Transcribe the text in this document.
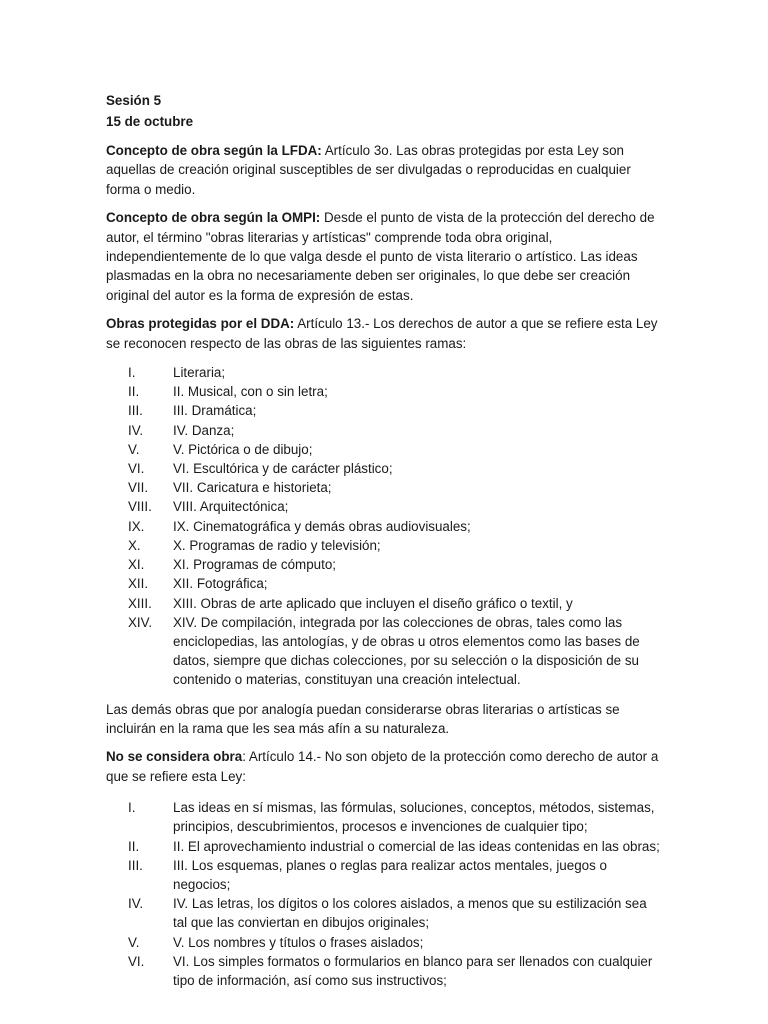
Sesión 5
15 de octubre

Concepto de obra según la LFDA: Artículo 3o. Las obras protegidas por esta Ley son aquellas de creación original susceptibles de ser divulgadas o reproducidas en cualquier forma o medio.

Concepto de obra según la OMPI: Desde el punto de vista de la protección del derecho de autor, el término "obras literarias y artísticas" comprende toda obra original, independientemente de lo que valga desde el punto de vista literario o artístico. Las ideas plasmadas en la obra no necesariamente deben ser originales, lo que debe ser creación original del autor es la forma de expresión de estas.

Obras protegidas por el DDA: Artículo 13.- Los derechos de autor a que se refiere esta Ley se reconocen respecto de las obras de las siguientes ramas:

I.	Literaria;
II.	II. Musical, con o sin letra;
III. III. Dramática;
IV. IV. Danza;
V.	V. Pictórica o de dibujo;
VI. VI. Escultórica y de carácter plástico;
VII. VII. Caricatura e historieta;
VIII. VIII. Arquitectónica;
IX. IX. Cinematográfica y demás obras audiovisuales;
X. X. Programas de radio y televisión;
XI. XI. Programas de cómputo;
XII. XII. Fotográfica;
XIII. XIII. Obras de arte aplicado que incluyen el diseño gráfico o textil, y
XIV. XIV. De compilación, integrada por las colecciones de obras, tales como las enciclopedias, las antologías, y de obras u otros elementos como las bases de datos, siempre que dichas colecciones, por su selección o la disposición de su contenido o materias, constituyan una creación intelectual.

Las demás obras que por analogía puedan considerarse obras literarias o artísticas se incluirán en la rama que les sea más afín a su naturaleza.

No se considera obra: Artículo 14.- No son objeto de la protección como derecho de autor a que se refiere esta Ley:

I.	Las ideas en sí mismas, las fórmulas, soluciones, conceptos, métodos, sistemas, principios, descubrimientos, procesos e invenciones de cualquier tipo;
II.	II. El aprovechamiento industrial o comercial de las ideas contenidas en las obras;
III. III. Los esquemas, planes o reglas para realizar actos mentales, juegos o negocios;
IV. IV. Las letras, los dígitos o los colores aislados, a menos que su estilización sea tal que las conviertan en dibujos originales;
V.	V. Los nombres y títulos o frases aislados;
VI. VI. Los simples formatos o formularios en blanco para ser llenados con cualquier tipo de información, así como sus instructivos;
